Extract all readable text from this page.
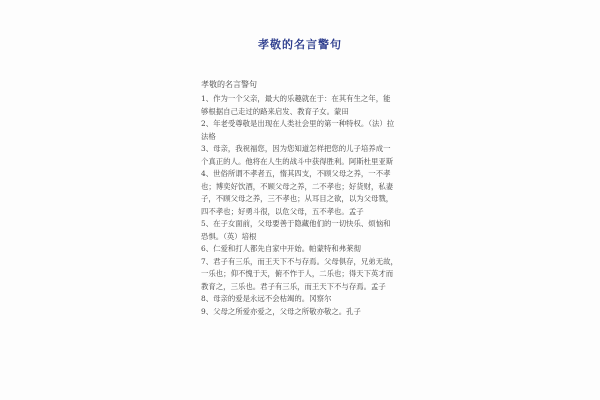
孝敬的名言警句
孝敬的名言警句
1、作为一个父亲，最大的乐趣就在于：在其有生之年，能
够根据自己走过的路来启发、教育子女。蒙田
2、年老受尊敬是出现在人类社会里的第一种特权。（法）拉
法格
3、母亲，我祝福您，因为您知道怎样把您的儿子培养成一
个真正的人。他将在人生的战斗中获得胜利。阿斯杜里亚斯
4、世俗所谓不孝者五，惰其四支，不顾父母之养，一不孝
也；博奕好饮酒，不顾父母之养，二不孝也；好货财，私妻
子，不顾父母之养，三不孝也；从耳目之欲，以为父母戮，
四不孝也；好勇斗很，以危父母，五不孝也。孟子
5、在子女面前，父母要善于隐藏他们的一切快乐、烦恼和
恐惧。（英）培根
6、仁爱和打人都先自家中开始。帕蒙特和弗莱彻
7、君子有三乐，而王天下不与存焉。父母俱存，兄弟无故，
一乐也；仰不愧于天，俯不怍于人，二乐也；得天下英才而
教育之，三乐也。君子有三乐，而王天下不与存焉。孟子
8、母亲的爱是永远不会枯竭的。冈察尔
9、父母之所爱亦爱之，父母之所敬亦敬之。孔子
